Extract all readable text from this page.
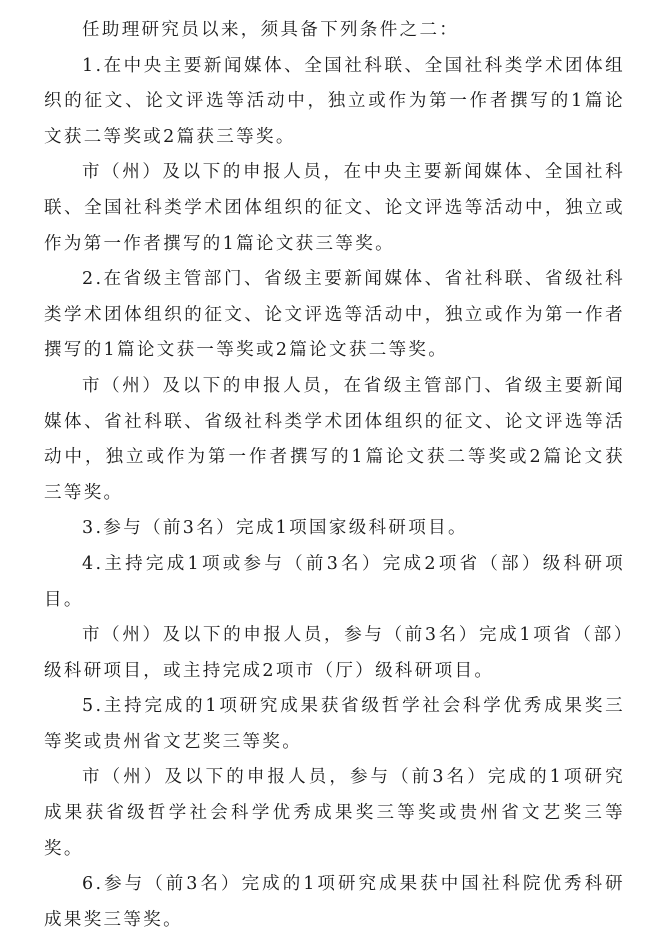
任助理研究员以来，须具备下列条件之二：

1.在中央主要新闻媒体、全国社科联、全国社科类学术团体组织的征文、论文评选等活动中，独立或作为第一作者撰写的1篇论文获二等奖或2篇获三等奖。

市（州）及以下的申报人员，在中央主要新闻媒体、全国社科联、全国社科类学术团体组织的征文、论文评选等活动中，独立或作为第一作者撰写的1篇论文获三等奖。

2.在省级主管部门、省级主要新闻媒体、省社科联、省级社科类学术团体组织的征文、论文评选等活动中，独立或作为第一作者撰写的1篇论文获一等奖或2篇论文获二等奖。

市（州）及以下的申报人员，在省级主管部门、省级主要新闻媒体、省社科联、省级社科类学术团体组织的征文、论文评选等活动中，独立或作为第一作者撰写的1篇论文获二等奖或2篇论文获三等奖。

3.参与（前3名）完成1项国家级科研项目。

4.主持完成1项或参与（前3名）完成2项省（部）级科研项目。

市（州）及以下的申报人员，参与（前3名）完成1项省（部）级科研项目，或主持完成2项市（厅）级科研项目。

5.主持完成的1项研究成果获省级哲学社会科学优秀成果奖三等奖或贵州省文艺奖三等奖。

市（州）及以下的申报人员，参与（前3名）完成的1项研究成果获省级哲学社会科学优秀成果奖三等奖或贵州省文艺奖三等奖。

6.参与（前3名）完成的1项研究成果获中国社科院优秀科研成果奖三等奖。
